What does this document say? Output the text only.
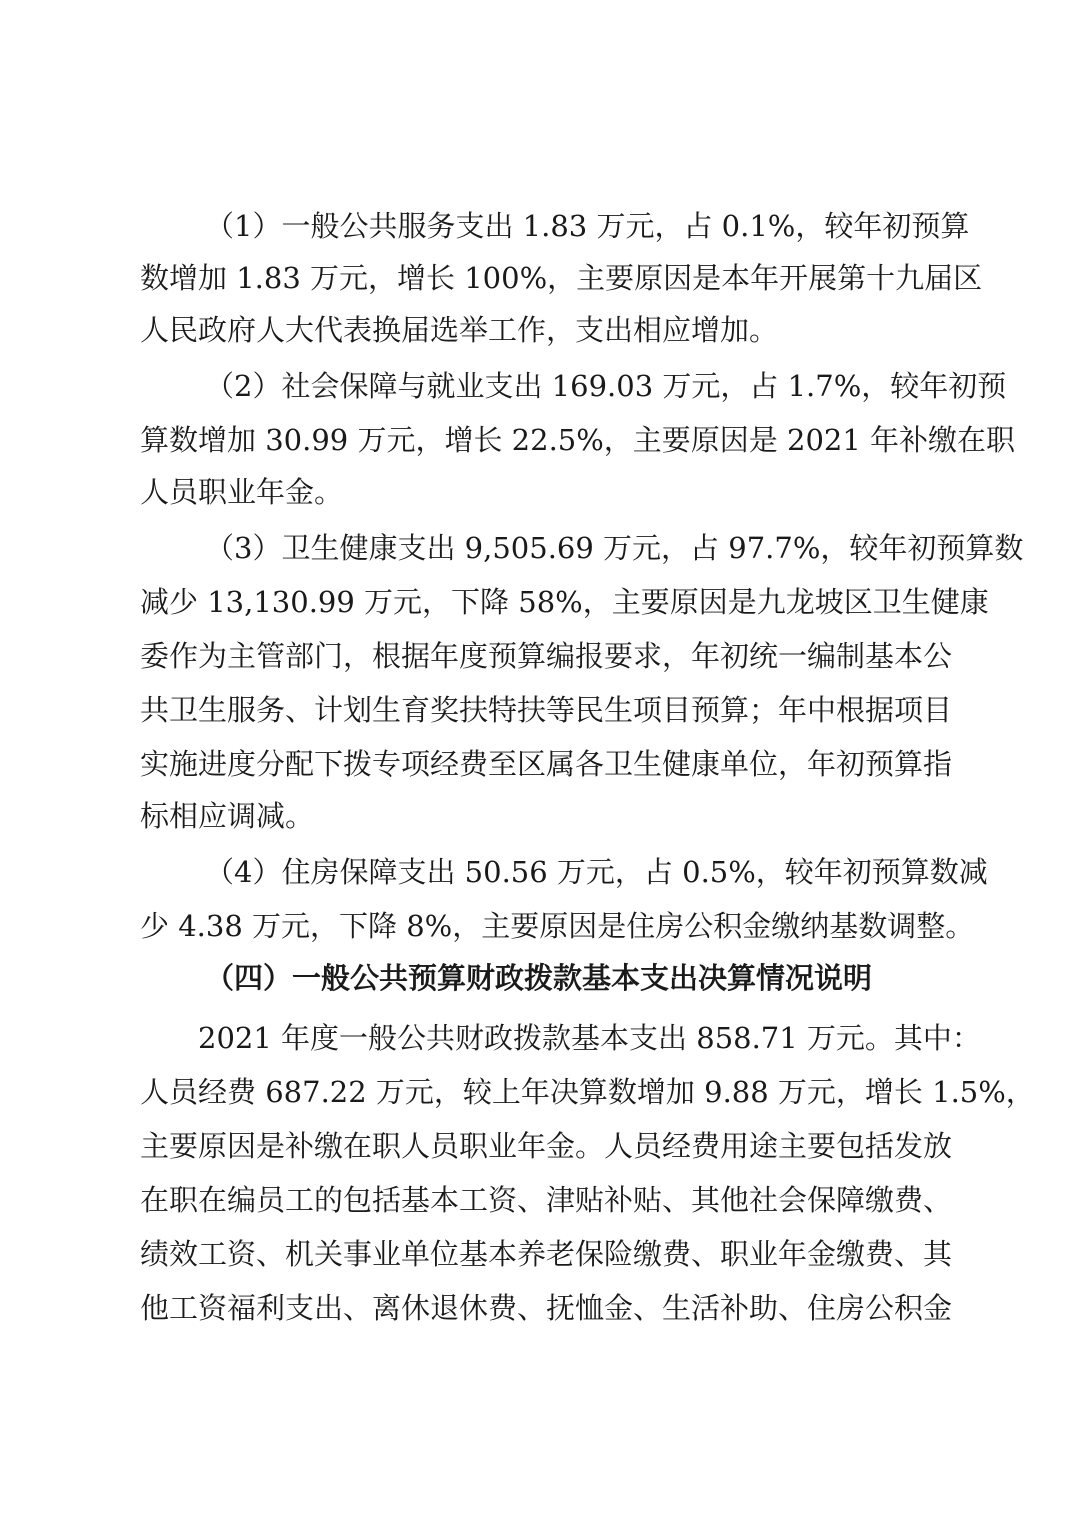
（1）一般公共服务支出 1.83 万元，占 0.1%，较年初预算
数增加 1.83 万元，增长 100%，主要原因是本年开展第十九届区
人民政府人大代表换届选举工作，支出相应增加。
（2）社会保障与就业支出 169.03 万元，占 1.7%，较年初预
算数增加 30.99 万元，增长 22.5%，主要原因是 2021 年补缴在职
人员职业年金。
（3）卫生健康支出 9,505.69 万元，占 97.7%，较年初预算数
减少 13,130.99 万元，下降 58%，主要原因是九龙坡区卫生健康
委作为主管部门，根据年度预算编报要求，年初统一编制基本公
共卫生服务、计划生育奖扶特扶等民生项目预算；年中根据项目
实施进度分配下拨专项经费至区属各卫生健康单位，年初预算指
标相应调减。
（4）住房保障支出 50.56 万元，占 0.5%，较年初预算数减
少 4.38 万元，下降 8%，主要原因是住房公积金缴纳基数调整。
（四）一般公共预算财政拨款基本支出决算情况说明
2021 年度一般公共财政拨款基本支出 858.71 万元。其中：
人员经费 687.22 万元，较上年决算数增加 9.88 万元，增长 1.5%，
主要原因是补缴在职人员职业年金。人员经费用途主要包括发放
在职在编员工的包括基本工资、津贴补贴、其他社会保障缴费、
绩效工资、机关事业单位基本养老保险缴费、职业年金缴费、其
他工资福利支出、离休退休费、抚恤金、生活补助、住房公积金
